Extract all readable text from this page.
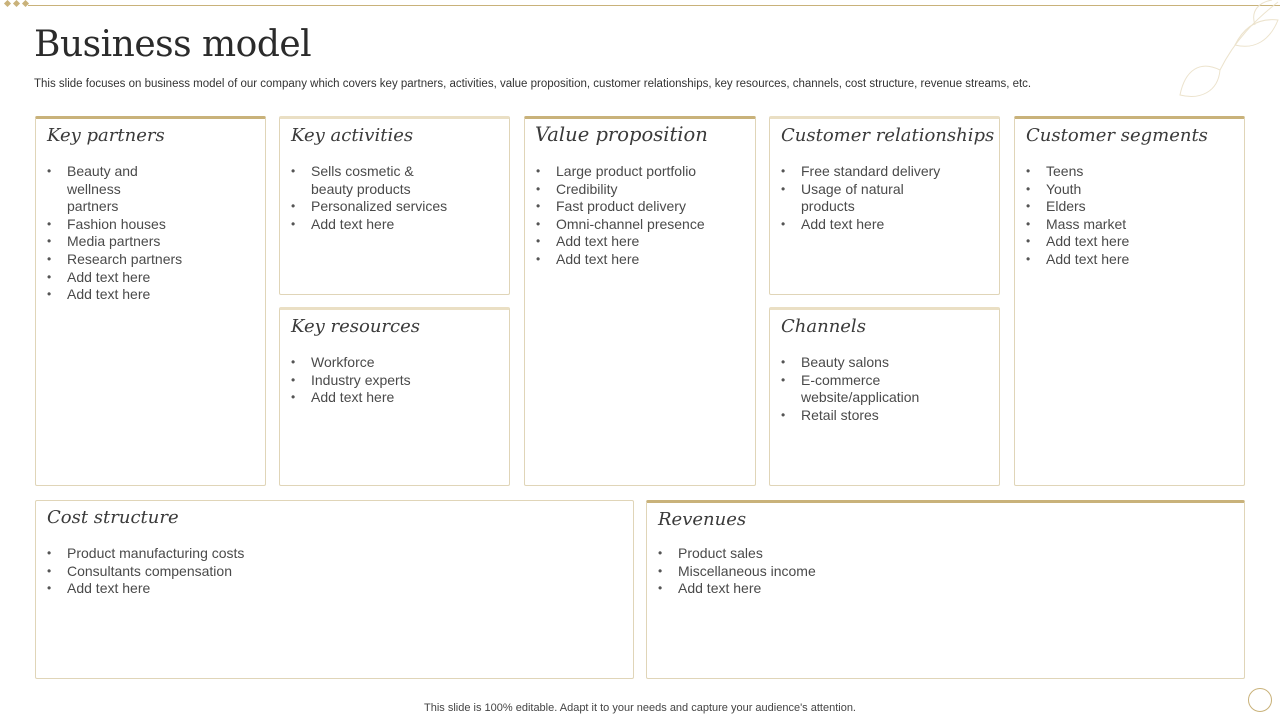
Business model
This slide focuses on business model of our company which covers key partners, activities, value proposition, customer relationships, key resources, channels, cost structure, revenue streams, etc.
Key partners
• Beauty and wellness partners
• Fashion houses
• Media partners
• Research partners
• Add text here
• Add text here
Key activities
• Sells cosmetic & beauty products
• Personalized services
• Add text here
Key resources
• Workforce
• Industry experts
• Add text here
Value proposition
• Large product portfolio
• Credibility
• Fast product delivery
• Omni-channel presence
• Add text here
• Add text here
Customer relationships
• Free standard delivery
• Usage of natural products
• Add text here
Channels
• Beauty salons
• E-commerce website/application
• Retail stores
Customer segments
• Teens
• Youth
• Elders
• Mass market
• Add text here
• Add text here
Cost structure
• Product manufacturing costs
• Consultants compensation
• Add text here
Revenues
• Product sales
• Miscellaneous income
• Add text here
This slide is 100% editable. Adapt it to your needs and capture your audience's attention.
